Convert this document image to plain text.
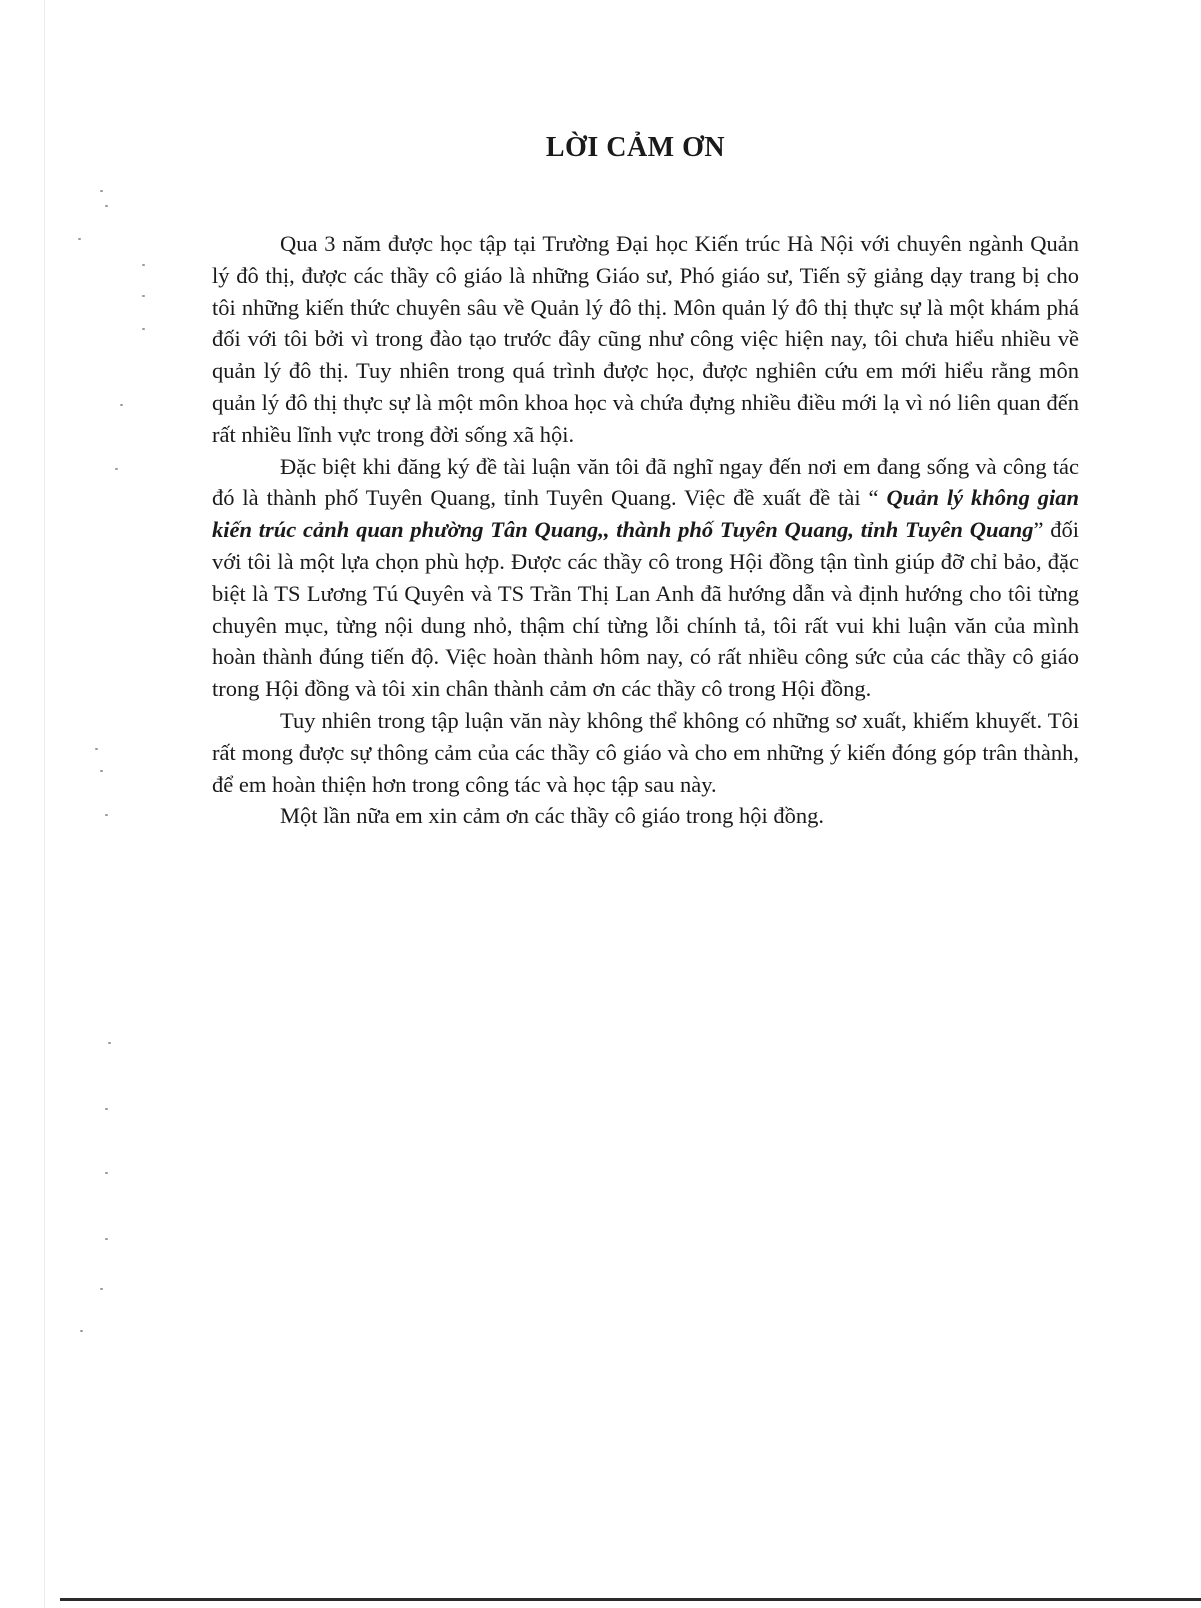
LỜI CẢM ƠN

Qua 3 năm được học tập tại Trường Đại học Kiến trúc Hà Nội với chuyên ngành Quản lý đô thị, được các thầy cô giáo là những Giáo sư, Phó giáo sư, Tiến sỹ giảng dạy trang bị cho tôi những kiến thức chuyên sâu về Quản lý đô thị. Môn quản lý đô thị thực sự là một khám phá đối với tôi bởi vì trong đào tạo trước đây cũng như công việc hiện nay, tôi chưa hiểu nhiều về quản lý đô thị. Tuy nhiên trong quá trình được học, được nghiên cứu em mới hiểu rằng môn quản lý đô thị thực sự là một môn khoa học và chứa đựng nhiều điều mới lạ vì nó liên quan đến rất nhiều lĩnh vực trong đời sống xã hội.

Đặc biệt khi đăng ký đề tài luận văn tôi đã nghĩ ngay đến nơi em đang sống và công tác đó là thành phố Tuyên Quang, tỉnh Tuyên Quang. Việc đề xuất đề tài “ Quản lý không gian kiến trúc cảnh quan phường Tân Quang,, thành phố Tuyên Quang, tỉnh Tuyên Quang” đối với tôi là một lựa chọn phù hợp. Được các thầy cô trong Hội đồng tận tình giúp đỡ chỉ bảo, đặc biệt là TS Lương Tú Quyên và TS Trần Thị Lan Anh đã hướng dẫn và định hướng cho tôi từng chuyên mục, từng nội dung nhỏ, thậm chí từng lỗi chính tả, tôi rất vui khi luận văn của mình hoàn thành đúng tiến độ. Việc hoàn thành hôm nay, có rất nhiều công sức của các thầy cô giáo trong Hội đồng và tôi xin chân thành cảm ơn các thầy cô trong Hội đồng.

Tuy nhiên trong tập luận văn này không thể không có những sơ xuất, khiếm khuyết. Tôi rất mong được sự thông cảm của các thầy cô giáo và cho em những ý kiến đóng góp trân thành, để em hoàn thiện hơn trong công tác và học tập sau này.

Một lần nữa em xin cảm ơn các thầy cô giáo trong hội đồng.
